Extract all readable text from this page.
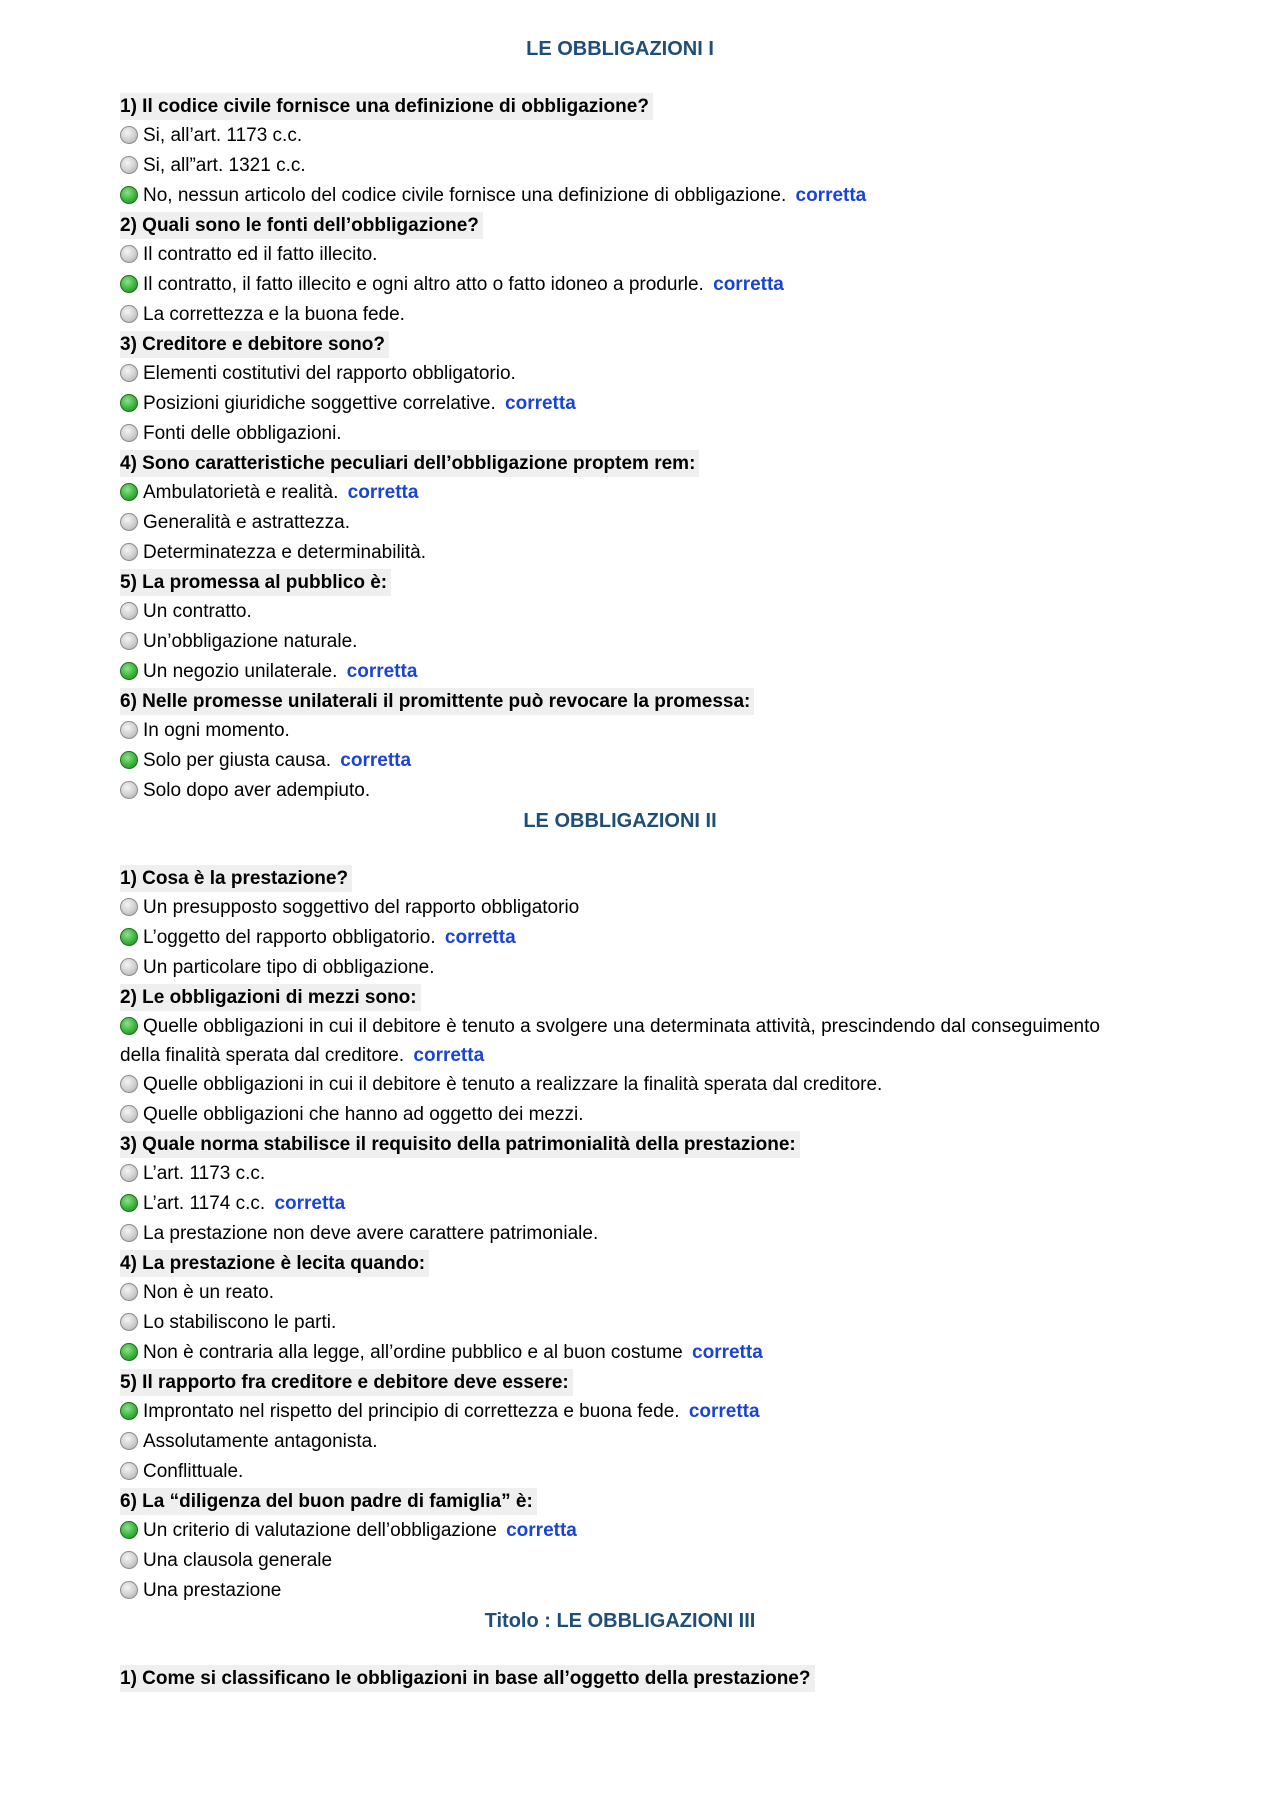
LE OBBLIGAZIONI I
1) Il codice civile fornisce una definizione di obbligazione?
Si, all’art. 1173 c.c.
Si, all”art. 1321 c.c.
No, nessun articolo del codice civile fornisce una definizione di obbligazione. corretta
2) Quali sono le fonti dell’obbligazione?
Il contratto ed il fatto illecito.
Il contratto, il fatto illecito e ogni altro atto o fatto idoneo a produrle. corretta
La correttezza e la buona fede.
3) Creditore e debitore sono?
Elementi costitutivi del rapporto obbligatorio.
Posizioni giuridiche soggettive correlative. corretta
Fonti delle obbligazioni.
4) Sono caratteristiche peculiari dell’obbligazione proptem rem:
Ambulatorietà e realità. corretta
Generalità e astrattezza.
Determinatezza e determinabilità.
5) La promessa al pubblico è:
Un contratto.
Un’obbligazione naturale.
Un negozio unilaterale. corretta
6) Nelle promesse unilaterali il promittente può revocare la promessa:
In ogni momento.
Solo per giusta causa. corretta
Solo dopo aver adempiuto.
LE OBBLIGAZIONI II
1) Cosa è la prestazione?
Un presupposto soggettivo del rapporto obbligatorio
L’oggetto del rapporto obbligatorio. corretta
Un particolare tipo di obbligazione.
2) Le obbligazioni di mezzi sono:
Quelle obbligazioni in cui il debitore è tenuto a svolgere una determinata attività, prescindendo dal conseguimento della finalità sperata dal creditore. corretta
Quelle obbligazioni in cui il debitore è tenuto a realizzare la finalità sperata dal creditore.
Quelle obbligazioni che hanno ad oggetto dei mezzi.
3) Quale norma stabilisce il requisito della patrimonialità della prestazione:
L’art. 1173 c.c.
L’art. 1174 c.c. corretta
La prestazione non deve avere carattere patrimoniale.
4) La prestazione è lecita quando:
Non è un reato.
Lo stabiliscono le parti.
Non è contraria alla legge, all’ordine pubblico e al buon costume corretta
5) Il rapporto fra creditore e debitore deve essere:
Improntato nel rispetto del principio di correttezza e buona fede. corretta
Assolutamente antagonista.
Conflittuale.
6) La “diligenza del buon padre di famiglia” è:
Un criterio di valutazione dell’obbligazione corretta
Una clausola generale
Una prestazione
Titolo : LE OBBLIGAZIONI III
1) Come si classificano le obbligazioni in base all’oggetto della prestazione?
